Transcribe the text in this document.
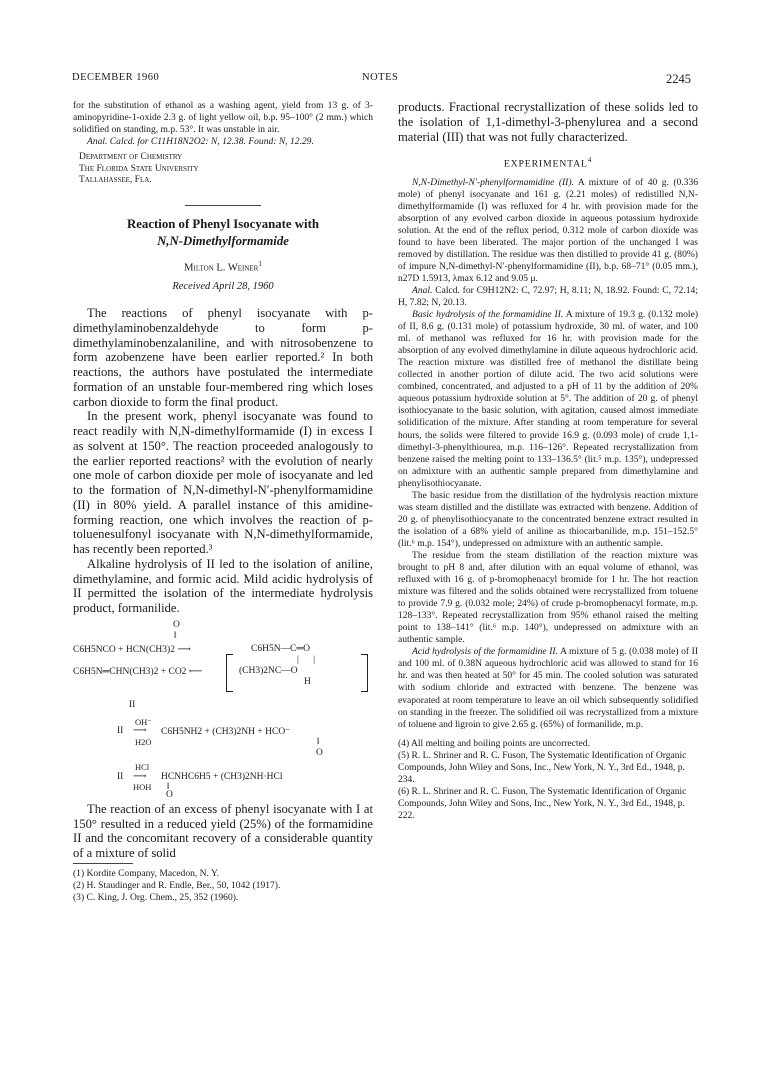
DECEMBER 1960	NOTES	2245

for the substitution of ethanol as a washing agent, yield from 13 g. of 3-aminopyridine-1-oxide 2.3 g. of light yellow oil, b.p. 95–100° (2 mm.) which solidified on standing, m.p. 53°. It was unstable in air.

Anal. Calcd. for C11H18N2O2: N, 12.38. Found: N, 12.29.

Department of Chemistry
The Florida State University
Tallahassee, Fla.
Reaction of Phenyl Isocyanate with
N,N-Dimethylformamide
Milton L. Weiner$^1$
Received April 28, 1960

The reactions of phenyl isocyanate with p-dimethylaminobenzaldehyde to form p-dimethylaminobenzalaniline, and with nitrosobenzene to form azobenzene have been earlier reported.² In both reactions, the authors have postulated the intermediate formation of an unstable four-membered ring which loses carbon dioxide to form the final product.

In the present work, phenyl isocyanate was found to react readily with N,N-dimethylformamide (I) in excess I as solvent at 150°. The reaction proceeded analogously to the earlier reported reactions² with the evolution of nearly one mole of carbon dioxide per mole of isocyanate and led to the formation of N,N-dimethyl-N′-phenylformamidine (II) in 80% yield. A parallel instance of this amidine-forming reaction, one which involves the reaction of p-toluenesulfonyl isocyanate with N,N-dimethylformamide, has recently been reported.³

Alkaline hydrolysis of II led to the isolation of aniline, dimethylamine, and formic acid. Mild acidic hydrolysis of II permitted the isolation of the intermediate hydrolysis product, formanilide.

O
‖
C6H5NCO + HCN(CH3)2 ⟶	C6H5N—C═O
|      |
C6H5N═CHN(CH3)2 + CO2 ⟵	(CH3)2NC—O
H
II
II
OH⁻
⟶
H2O
C6H5NH2 + (CH3)2NH + HCO⁻
‖
O
II
HCl
⟶
HOH
HCNHC6H5 + (CH3)2NH·HCl
‖
O

The reaction of an excess of phenyl isocyanate with I at 150° resulted in a reduced yield (25%) of the formamidine II and the concomitant recovery of a considerable quantity of a mixture of solid

(1) Kordite Company, Macedon, N. Y.

(2) H. Staudinger and R. Endle, Ber., 50, 1042 (1917).

(3) C. King, J. Org. Chem., 25, 352 (1960).

products. Fractional recrystallization of these solids led to the isolation of 1,1-dimethyl-3-phenylurea and a second material (III) that was not fully characterized.

EXPERIMENTAL$^4$

N,N-Dimethyl-N′-phenylformamidine (II). A mixture of of 40 g. (0.336 mole) of phenyl isocyanate and 161 g. (2.21 moles) of redistilled N,N-dimethylformamide (I) was refluxed for 4 hr. with provision made for the absorption of any evolved carbon dioxide in aqueous potassium hydroxide solution. At the end of the reflux period, 0.312 mole of carbon dioxide was found to have been liberated. The major portion of the unchanged I was removed by distillation. The residue was then distilled to provide 41 g. (80%) of impure N,N-dimethyl-N′-phenylformamidine (II), b.p. 68–71° (0.05 mm.), n27D 1.5913, λmax 6.12 and 9.05 μ.

Anal. Calcd. for C9H12N2: C, 72.97; H, 8.11; N, 18.92. Found: C, 72.14; H, 7.82; N, 20.13.

Basic hydrolysis of the formamidine II. A mixture of 19.3 g. (0.132 mole) of II, 8.6 g. (0.131 mole) of potassium hydroxide, 30 ml. of water, and 100 ml. of methanol was refluxed for 16 hr. with provision made for the absorption of any evolved dimethylamine in dilute aqueous hydrochloric acid. The reaction mixture was distilled free of methanol the distillate being collected in another portion of dilute acid. The two acid solutions were combined, concentrated, and adjusted to a pH of 11 by the addition of 20% aqueous potassium hydroxide solution at 5°. The addition of 20 g. of phenyl isothiocyanate to the basic solution, with agitation, caused almost immediate solidification of the mixture. After standing at room temperature for several hours, the solids were filtered to provide 16.9 g. (0.093 mole) of crude 1,1-dimethyl-3-phenylthiourea, m.p. 116–126°. Repeated recrystallization from benzene raised the melting point to 133–136.5° (lit.⁵ m.p. 135°), undepressed on admixture with an authentic sample prepared from dimethylamine and phenylisothiocyanate.

The basic residue from the distillation of the hydrolysis reaction mixture was steam distilled and the distillate was extracted with benzene. Addition of 20 g. of phenylisothiocyanate to the concentrated benzene extract resulted in the isolation of a 68% yield of aniline as thiocarbanilide, m.p. 151–152.5° (lit.⁶ m.p. 154°), undepressed on admixture with an authentic sample.

The residue from the steam distillation of the reaction mixture was brought to pH 8 and, after dilution with an equal volume of ethanol, was refluxed with 16 g. of p-bromophenacyl bromide for 1 hr. The hot reaction mixture was filtered and the solids obtained were recrystallized from toluene to provide 7.9 g. (0.032 mole; 24%) of crude p-bromophenacyl formate, m.p. 128–133°. Repeated recrystallization from 95% ethanol raised the melting point to 138–141° (lit.⁶ m.p. 140°), undepressed on admixture with an authentic sample.

Acid hydrolysis of the formamidine II. A mixture of 5 g. (0.038 mole) of II and 100 ml. of 0.38N aqueous hydrochloric acid was allowed to stand for 16 hr. and was then heated at 50° for 45 min. The cooled solution was saturated with sodium chloride and extracted with benzene. The benzene was evaporated at room temperature to leave an oil which subsequently solidified on standing in the freezer. The solidified oil was recrystallized from a mixture of toluene and ligroin to give 2.65 g. (65%) of formanilide, m.p.

(4) All melting and boiling points are uncorrected.

(5) R. L. Shriner and R. C. Fuson, The Systematic Identification of Organic Compounds, John Wiley and Sons, Inc., New York, N. Y., 3rd Ed., 1948, p. 234.

(6) R. L. Shriner and R. C. Fuson, The Systematic Identification of Organic Compounds, John Wiley and Sons, Inc., New York, N. Y., 3rd Ed., 1948, p. 222.
